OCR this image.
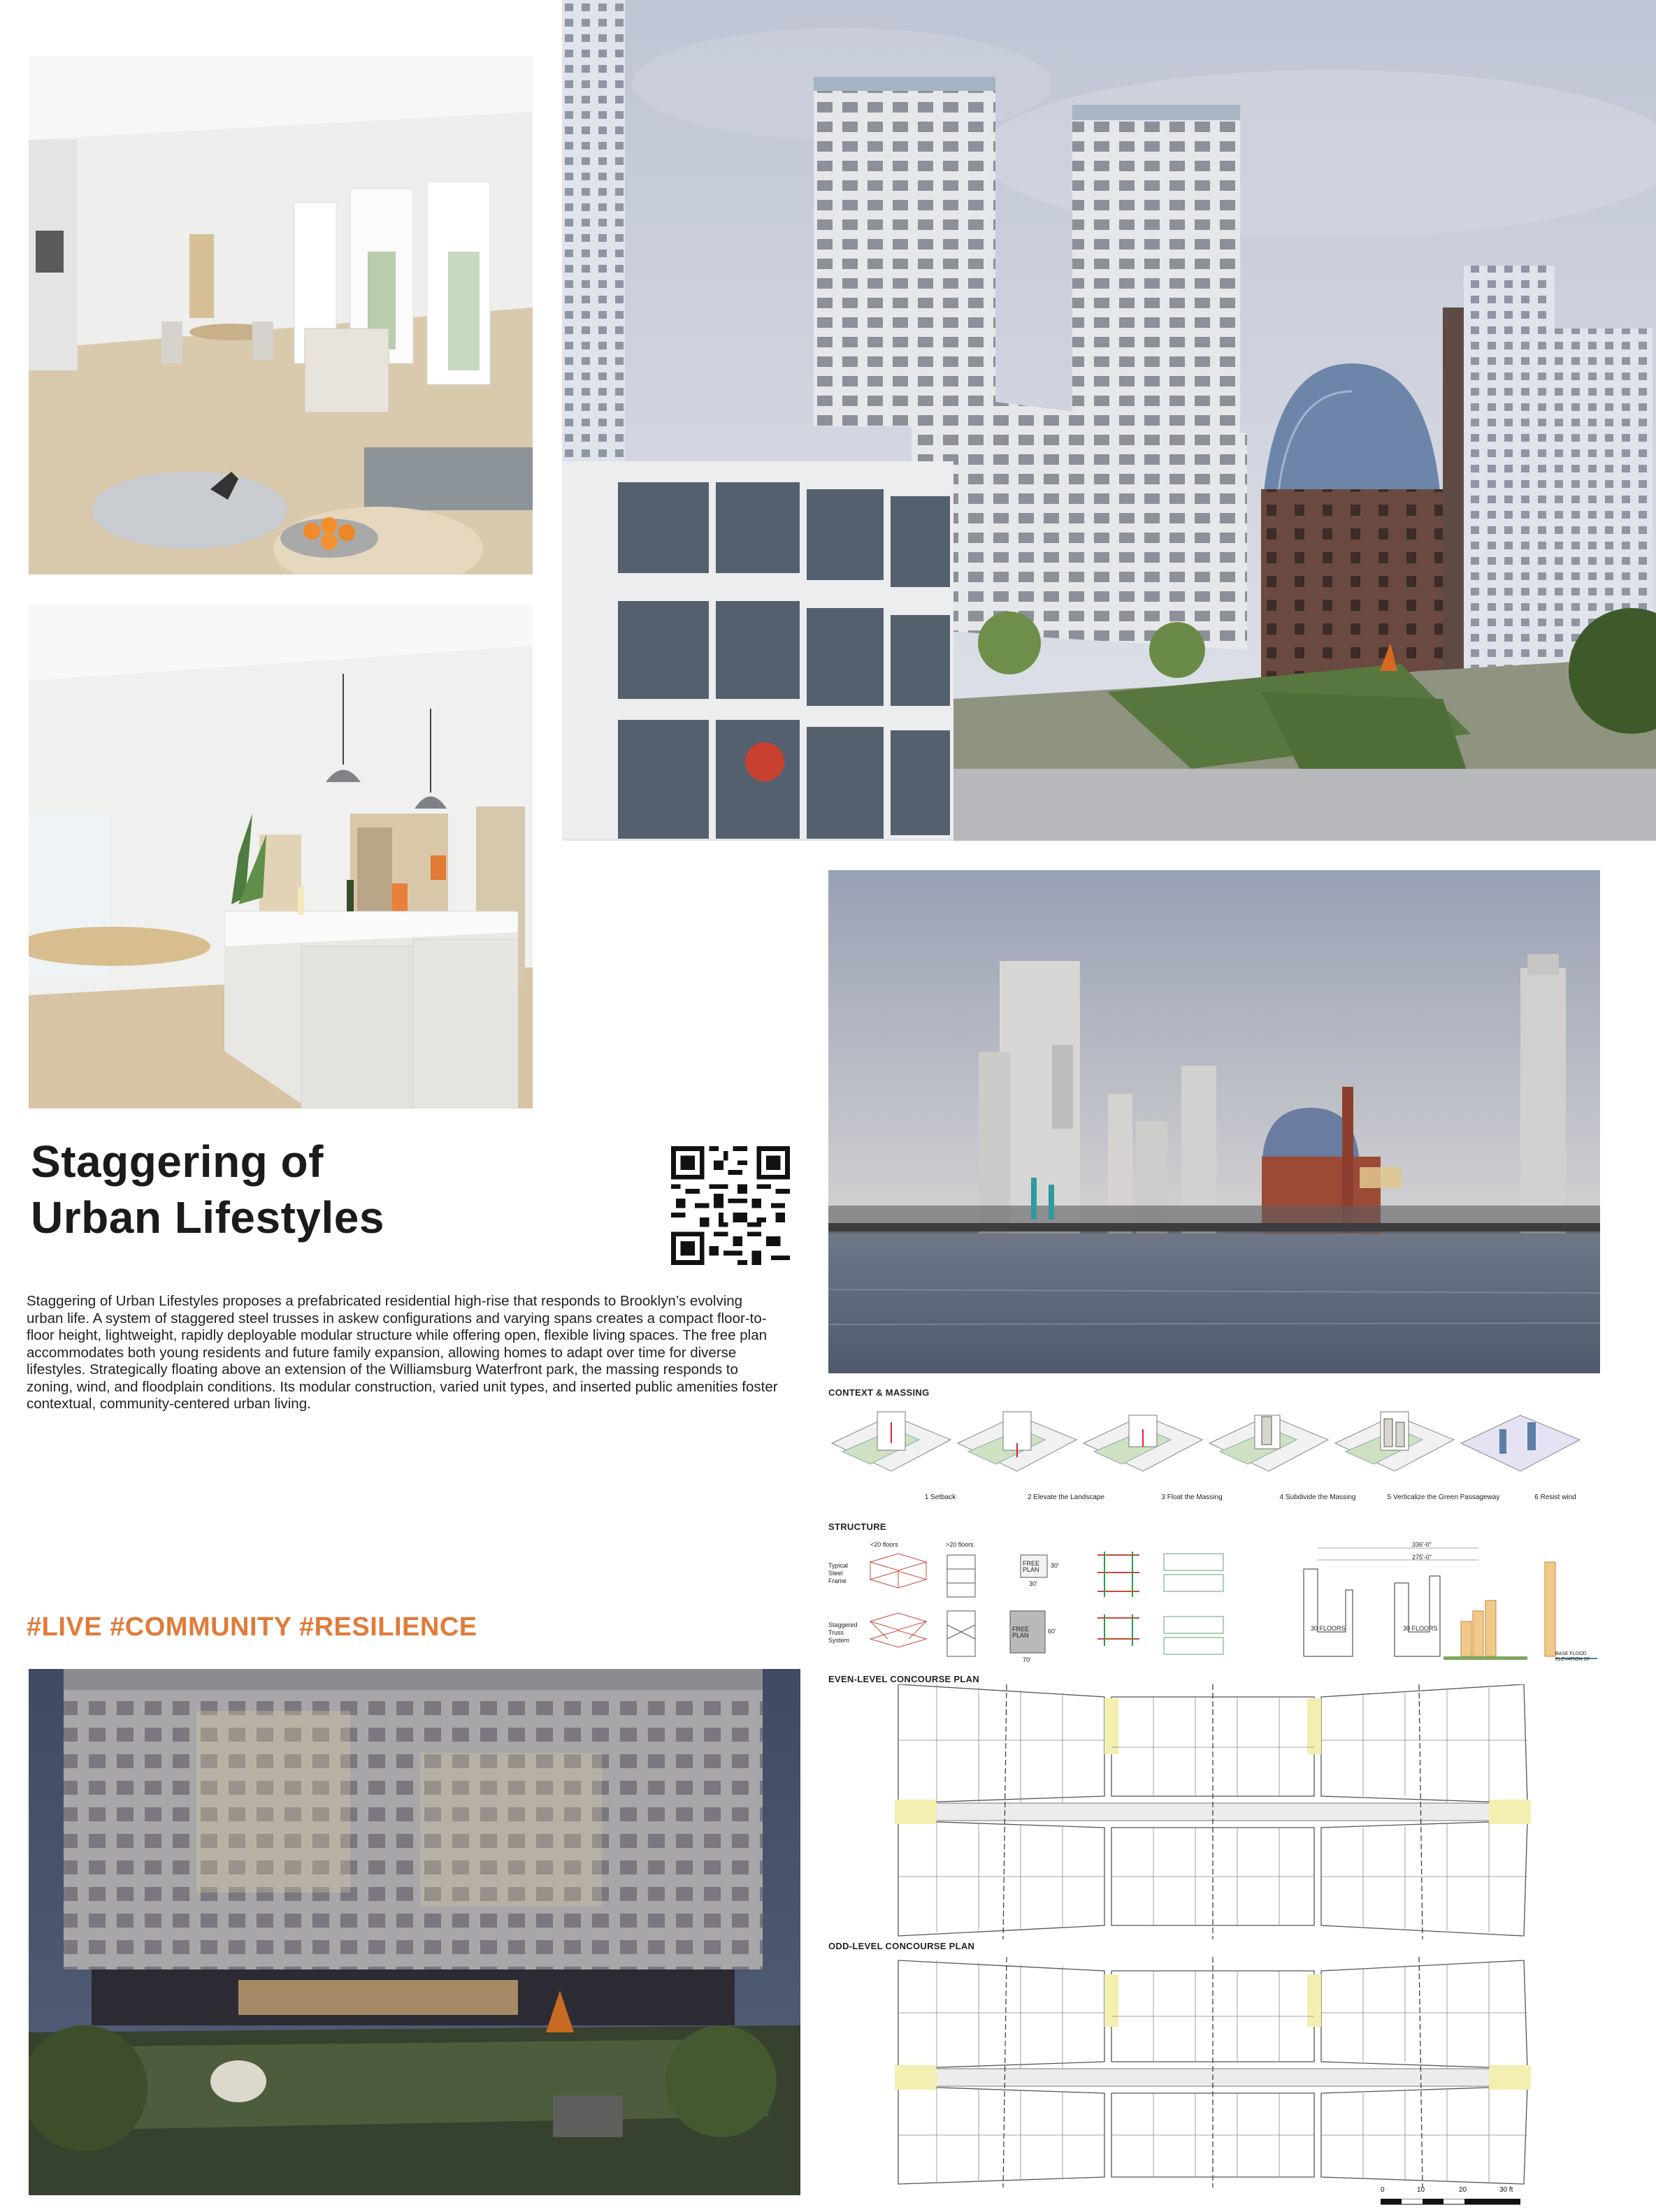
Staggering of
Urban Lifestyles
Staggering of Urban Lifestyles proposes a prefabricated residential high-rise that responds to Brooklyn’s evolving urban life. A system of staggered steel trusses in askew configurations and varying spans creates a compact floor-to-floor height, lightweight, rapidly deployable modular structure while offering open, flexible living spaces. The free plan accommodates both young residents and future family expansion, allowing homes to adapt over time for diverse lifestyles. Strategically floating above an extension of the Williamsburg Waterfront park, the massing responds to zoning, wind, and floodplain conditions. Its modular construction, varied unit types, and inserted public amenities foster contextual, community-centered urban living.
#LIVE #COMMUNITY #RESILIENCE
CONTEXT & MASSING
1 Setback	2 Elevate the Landscape	3 Float the Massing	4 Subdivide the Massing	5 Verticalize the Green Passageway	6 Resist wind
STRUCTURE
<20 floors	>20 floors
Typical
Steel
Frame
Staggered
Truss
System
FREE PLAN
30'
30'
FREE PLAN
60'
70'
30 FLOORS	30 FLOORS
336'-0"
275'-0"
BASE FLOOD ELEVATION 15'
EVEN-LEVEL CONCOURSE PLAN
ODD-LEVEL CONCOURSE PLAN
0	10	20	30 ft
